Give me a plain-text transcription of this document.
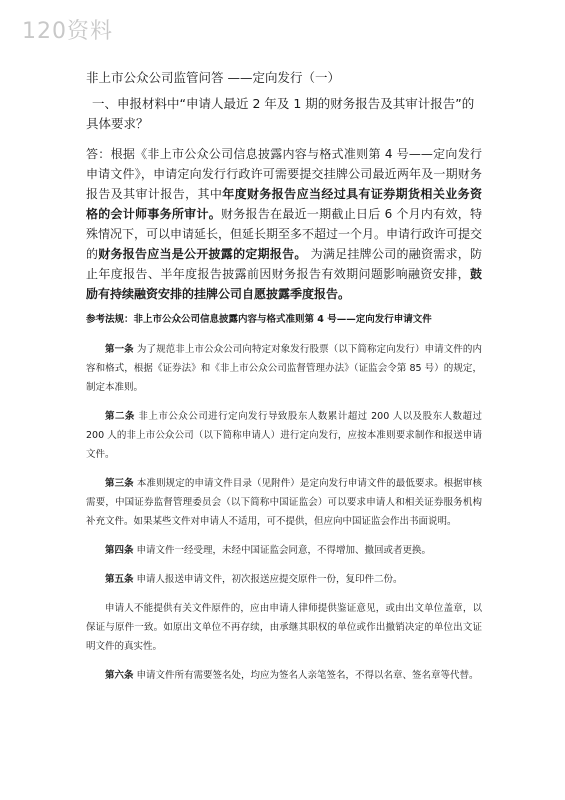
120资料

非上市公众公司监管问答 ——定向发行（一）

一、申报材料中“申请人最近 2 年及 1 期的财务报告及其审计报告”的具体要求？

答：根据《非上市公众公司信息披露内容与格式准则第 4 号——定向发行申请文件》，申请定向发行行政许可需要提交挂牌公司最近两年及一期财务报告及其审计报告，其中年度财务报告应当经过具有证券期货相关业务资格的会计师事务所审计。财务报告在最近一期截止日后 6 个月内有效，特殊情况下，可以申请延长，但延长期至多不超过一个月。申请行政许可提交的财务报告应当是公开披露的定期报告。 为满足挂牌公司的融资需求，防止年度报告、半年度报告披露前因财务报告有效期问题影响融资安排，鼓励有持续融资安排的挂牌公司自愿披露季度报告。

参考法规：非上市公众公司信息披露内容与格式准则第 4 号——定向发行申请文件

第一条 为了规范非上市公众公司向特定对象发行股票（以下简称定向发行）申请文件的内容和格式，根据《证券法》和《非上市公众公司监督管理办法》（证监会令第 85 号）的规定，制定本准则。

第二条 非上市公众公司进行定向发行导致股东人数累计超过 200 人以及股东人数超过 200 人的非上市公众公司（以下简称申请人）进行定向发行，应按本准则要求制作和报送申请文件。

第三条 本准则规定的申请文件目录（见附件）是定向发行申请文件的最低要求。根据审核需要，中国证券监督管理委员会（以下简称中国证监会）可以要求申请人和相关证券服务机构补充文件。如果某些文件对申请人不适用，可不提供，但应向中国证监会作出书面说明。

第四条 申请文件一经受理，未经中国证监会同意，不得增加、撤回或者更换。

第五条 申请人报送申请文件，初次报送应提交原件一份，复印件二份。

申请人不能提供有关文件原件的，应由申请人律师提供鉴证意见，或由出文单位盖章，以保证与原件一致。如原出文单位不再存续，由承继其职权的单位或作出撤销决定的单位出文证明文件的真实性。

第六条 申请文件所有需要签名处，均应为签名人亲笔签名，不得以名章、签名章等代替。
